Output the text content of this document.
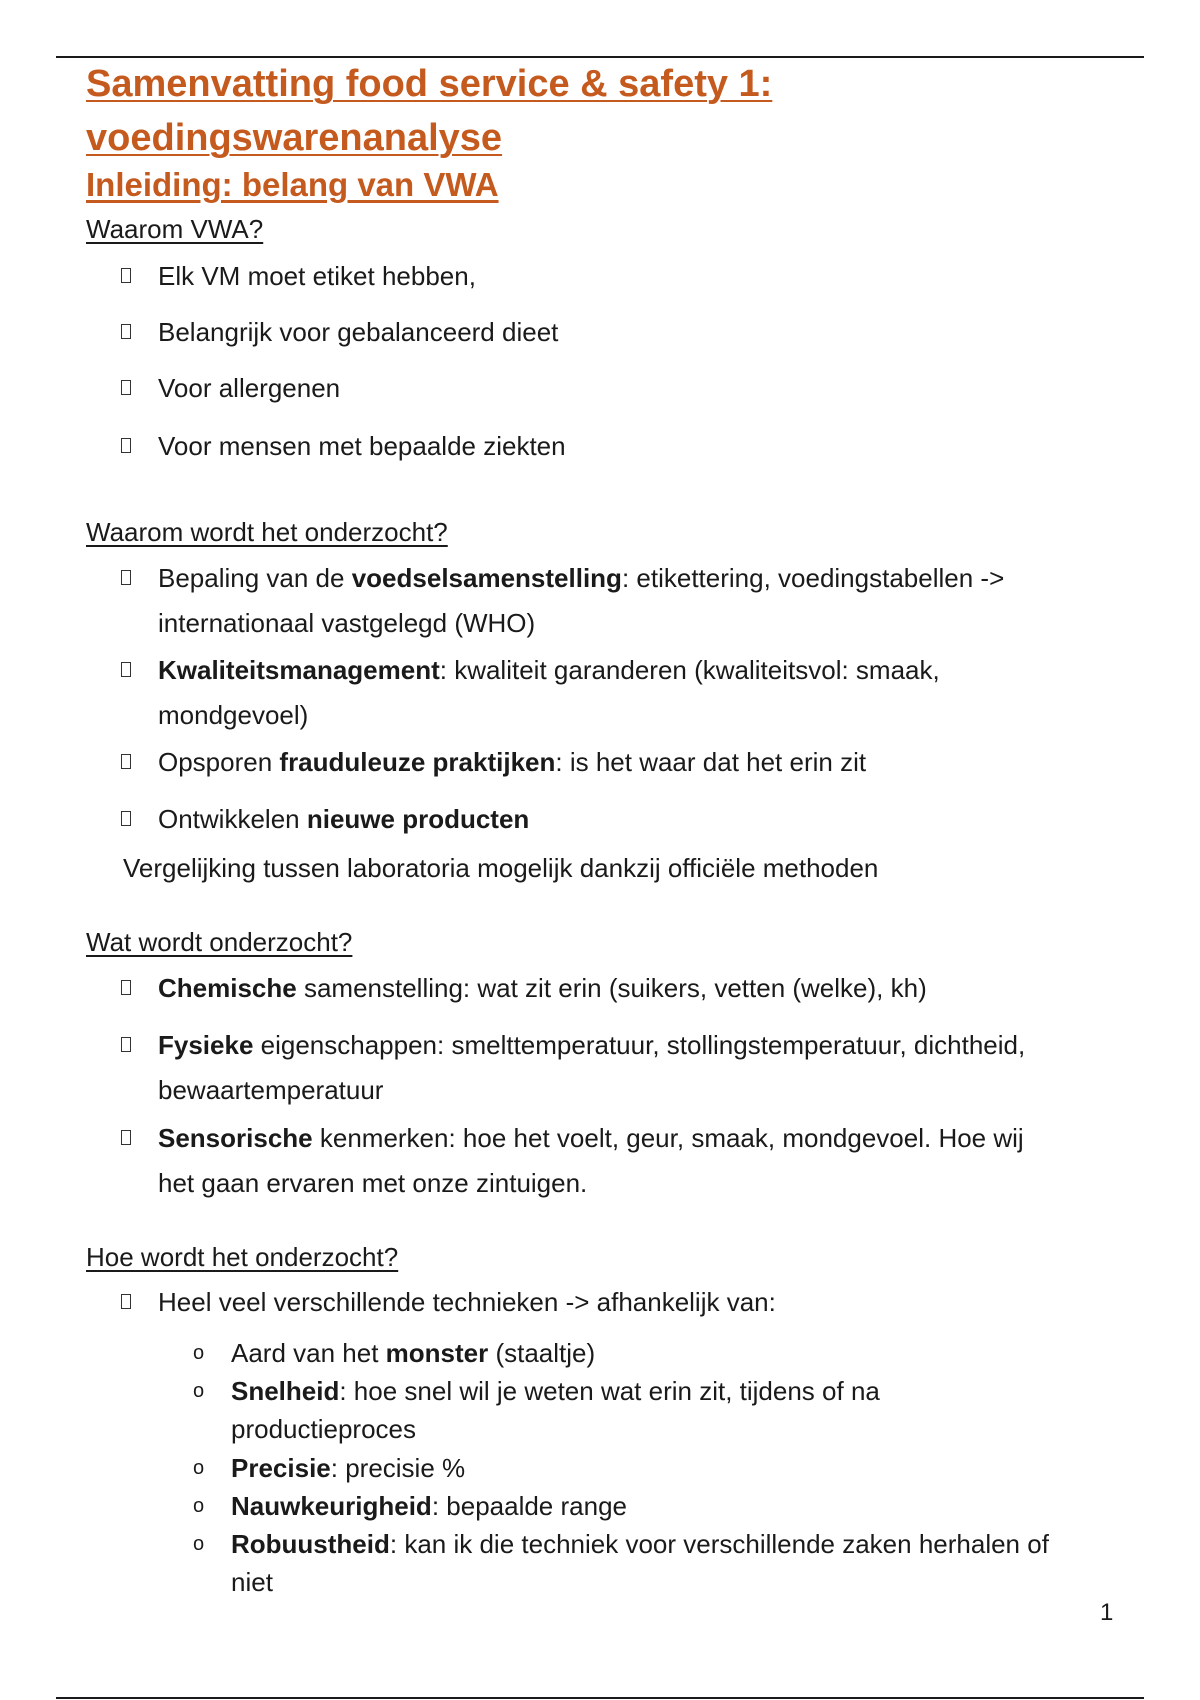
Samenvatting food service & safety 1:
voedingswarenanalyse
Inleiding: belang van VWA
Waarom VWA?
Elk VM moet etiket hebben,
Belangrijk voor gebalanceerd dieet
Voor allergenen
Voor mensen met bepaalde ziekten
Waarom wordt het onderzocht?
Bepaling van de voedselsamenstelling: etikettering, voedingstabellen ->
internationaal vastgelegd (WHO)
Kwaliteitsmanagement: kwaliteit garanderen (kwaliteitsvol: smaak,
mondgevoel)
Opsporen frauduleuze praktijken: is het waar dat het erin zit
Ontwikkelen nieuwe producten
Vergelijking tussen laboratoria mogelijk dankzij officiële methoden
Wat wordt onderzocht?
Chemische samenstelling: wat zit erin (suikers, vetten (welke), kh)
Fysieke eigenschappen: smelttemperatuur, stollingstemperatuur, dichtheid,
bewaartemperatuur
Sensorische kenmerken: hoe het voelt, geur, smaak, mondgevoel. Hoe wij
het gaan ervaren met onze zintuigen.
Hoe wordt het onderzocht?
Heel veel verschillende technieken -> afhankelijk van:
o Aard van het monster (staaltje)
o Snelheid: hoe snel wil je weten wat erin zit, tijdens of na
productieproces
o Precisie: precisie %
o Nauwkeurigheid: bepaalde range
o Robuustheid: kan ik die techniek voor verschillende zaken herhalen of
niet
1
